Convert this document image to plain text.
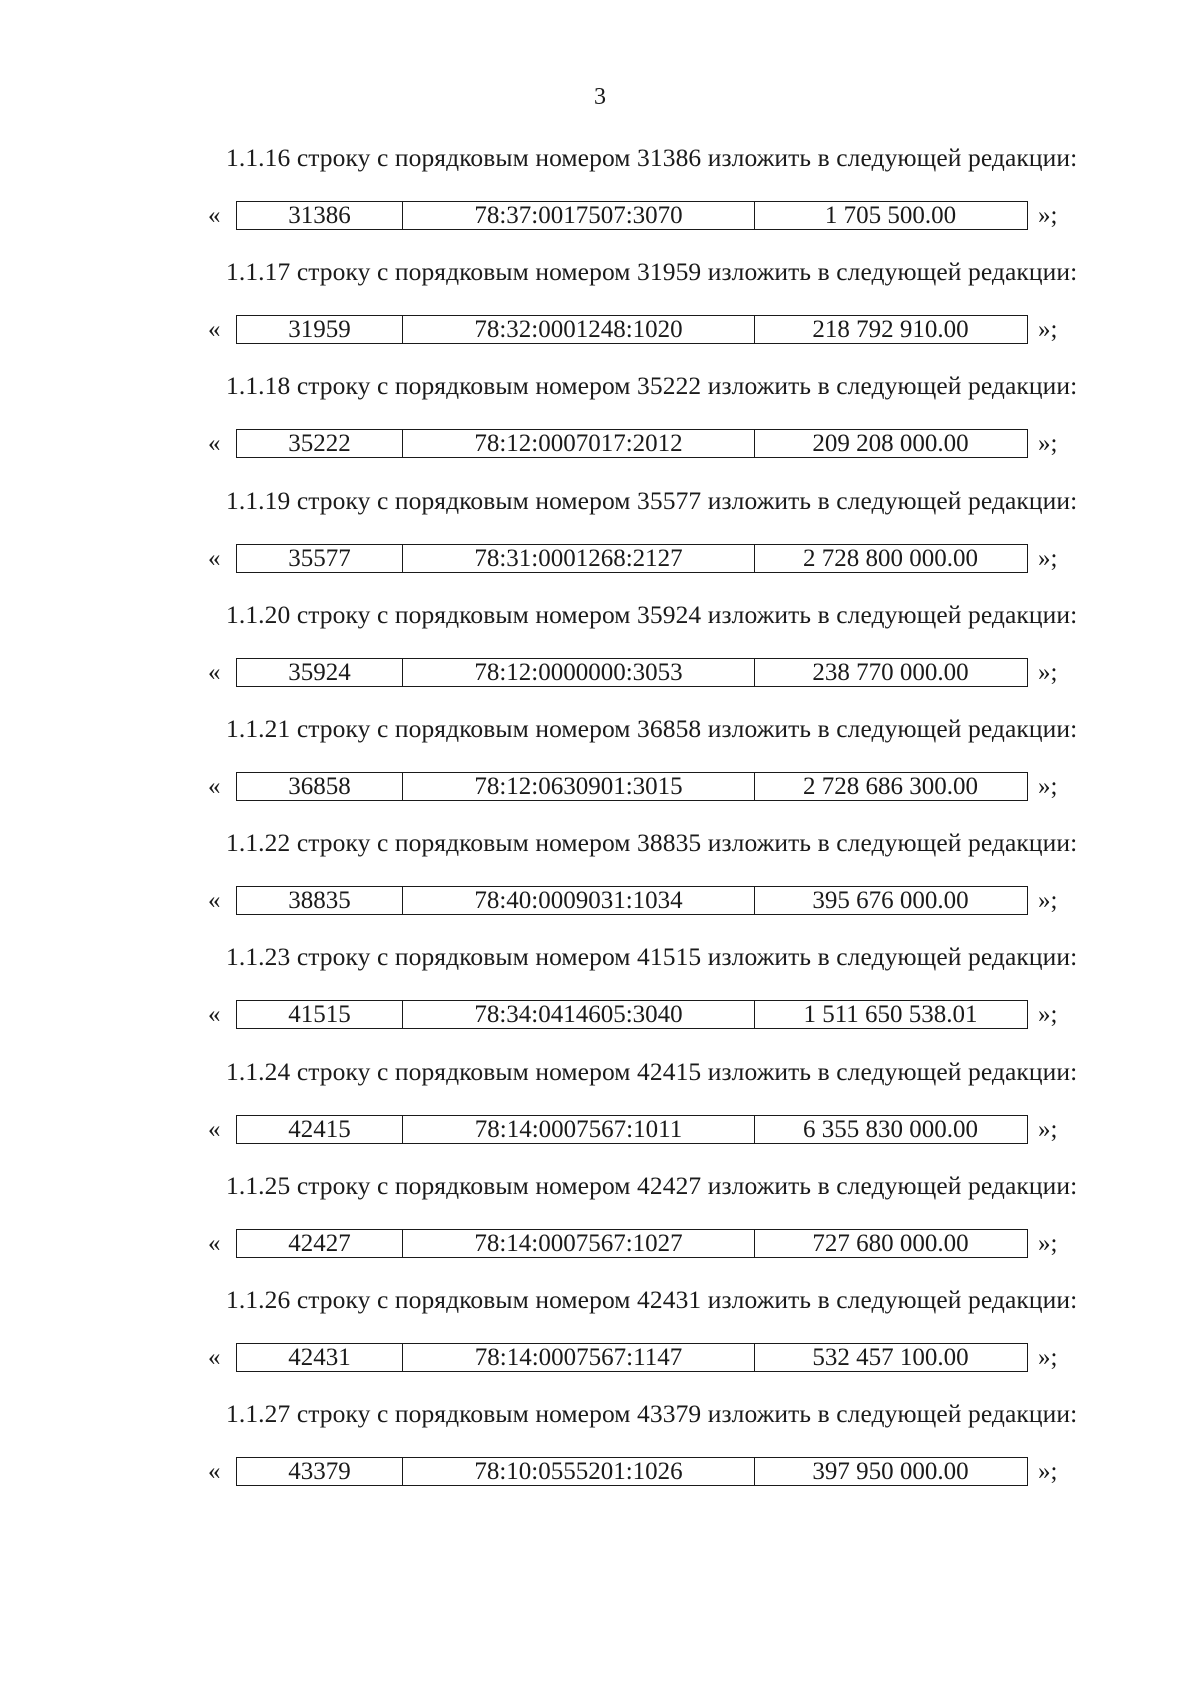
3
1.1.16 строку с порядковым номером 31386 изложить в следующей редакции:
«	31386	78:37:0017507:3070	1 705 500.00	»;
1.1.17 строку с порядковым номером 31959 изложить в следующей редакции:
«	31959	78:32:0001248:1020	218 792 910.00	»;
1.1.18 строку с порядковым номером 35222 изложить в следующей редакции:
«	35222	78:12:0007017:2012	209 208 000.00	»;
1.1.19 строку с порядковым номером 35577 изложить в следующей редакции:
«	35577	78:31:0001268:2127	2 728 800 000.00	»;
1.1.20 строку с порядковым номером 35924 изложить в следующей редакции:
«	35924	78:12:0000000:3053	238 770 000.00	»;
1.1.21 строку с порядковым номером 36858 изложить в следующей редакции:
«	36858	78:12:0630901:3015	2 728 686 300.00	»;
1.1.22 строку с порядковым номером 38835 изложить в следующей редакции:
«	38835	78:40:0009031:1034	395 676 000.00	»;
1.1.23 строку с порядковым номером 41515 изложить в следующей редакции:
«	41515	78:34:0414605:3040	1 511 650 538.01	»;
1.1.24 строку с порядковым номером 42415 изложить в следующей редакции:
«	42415	78:14:0007567:1011	6 355 830 000.00	»;
1.1.25 строку с порядковым номером 42427 изложить в следующей редакции:
«	42427	78:14:0007567:1027	727 680 000.00	»;
1.1.26 строку с порядковым номером 42431 изложить в следующей редакции:
«	42431	78:14:0007567:1147	532 457 100.00	»;
1.1.27 строку с порядковым номером 43379 изложить в следующей редакции:
«	43379	78:10:0555201:1026	397 950 000.00	»;
